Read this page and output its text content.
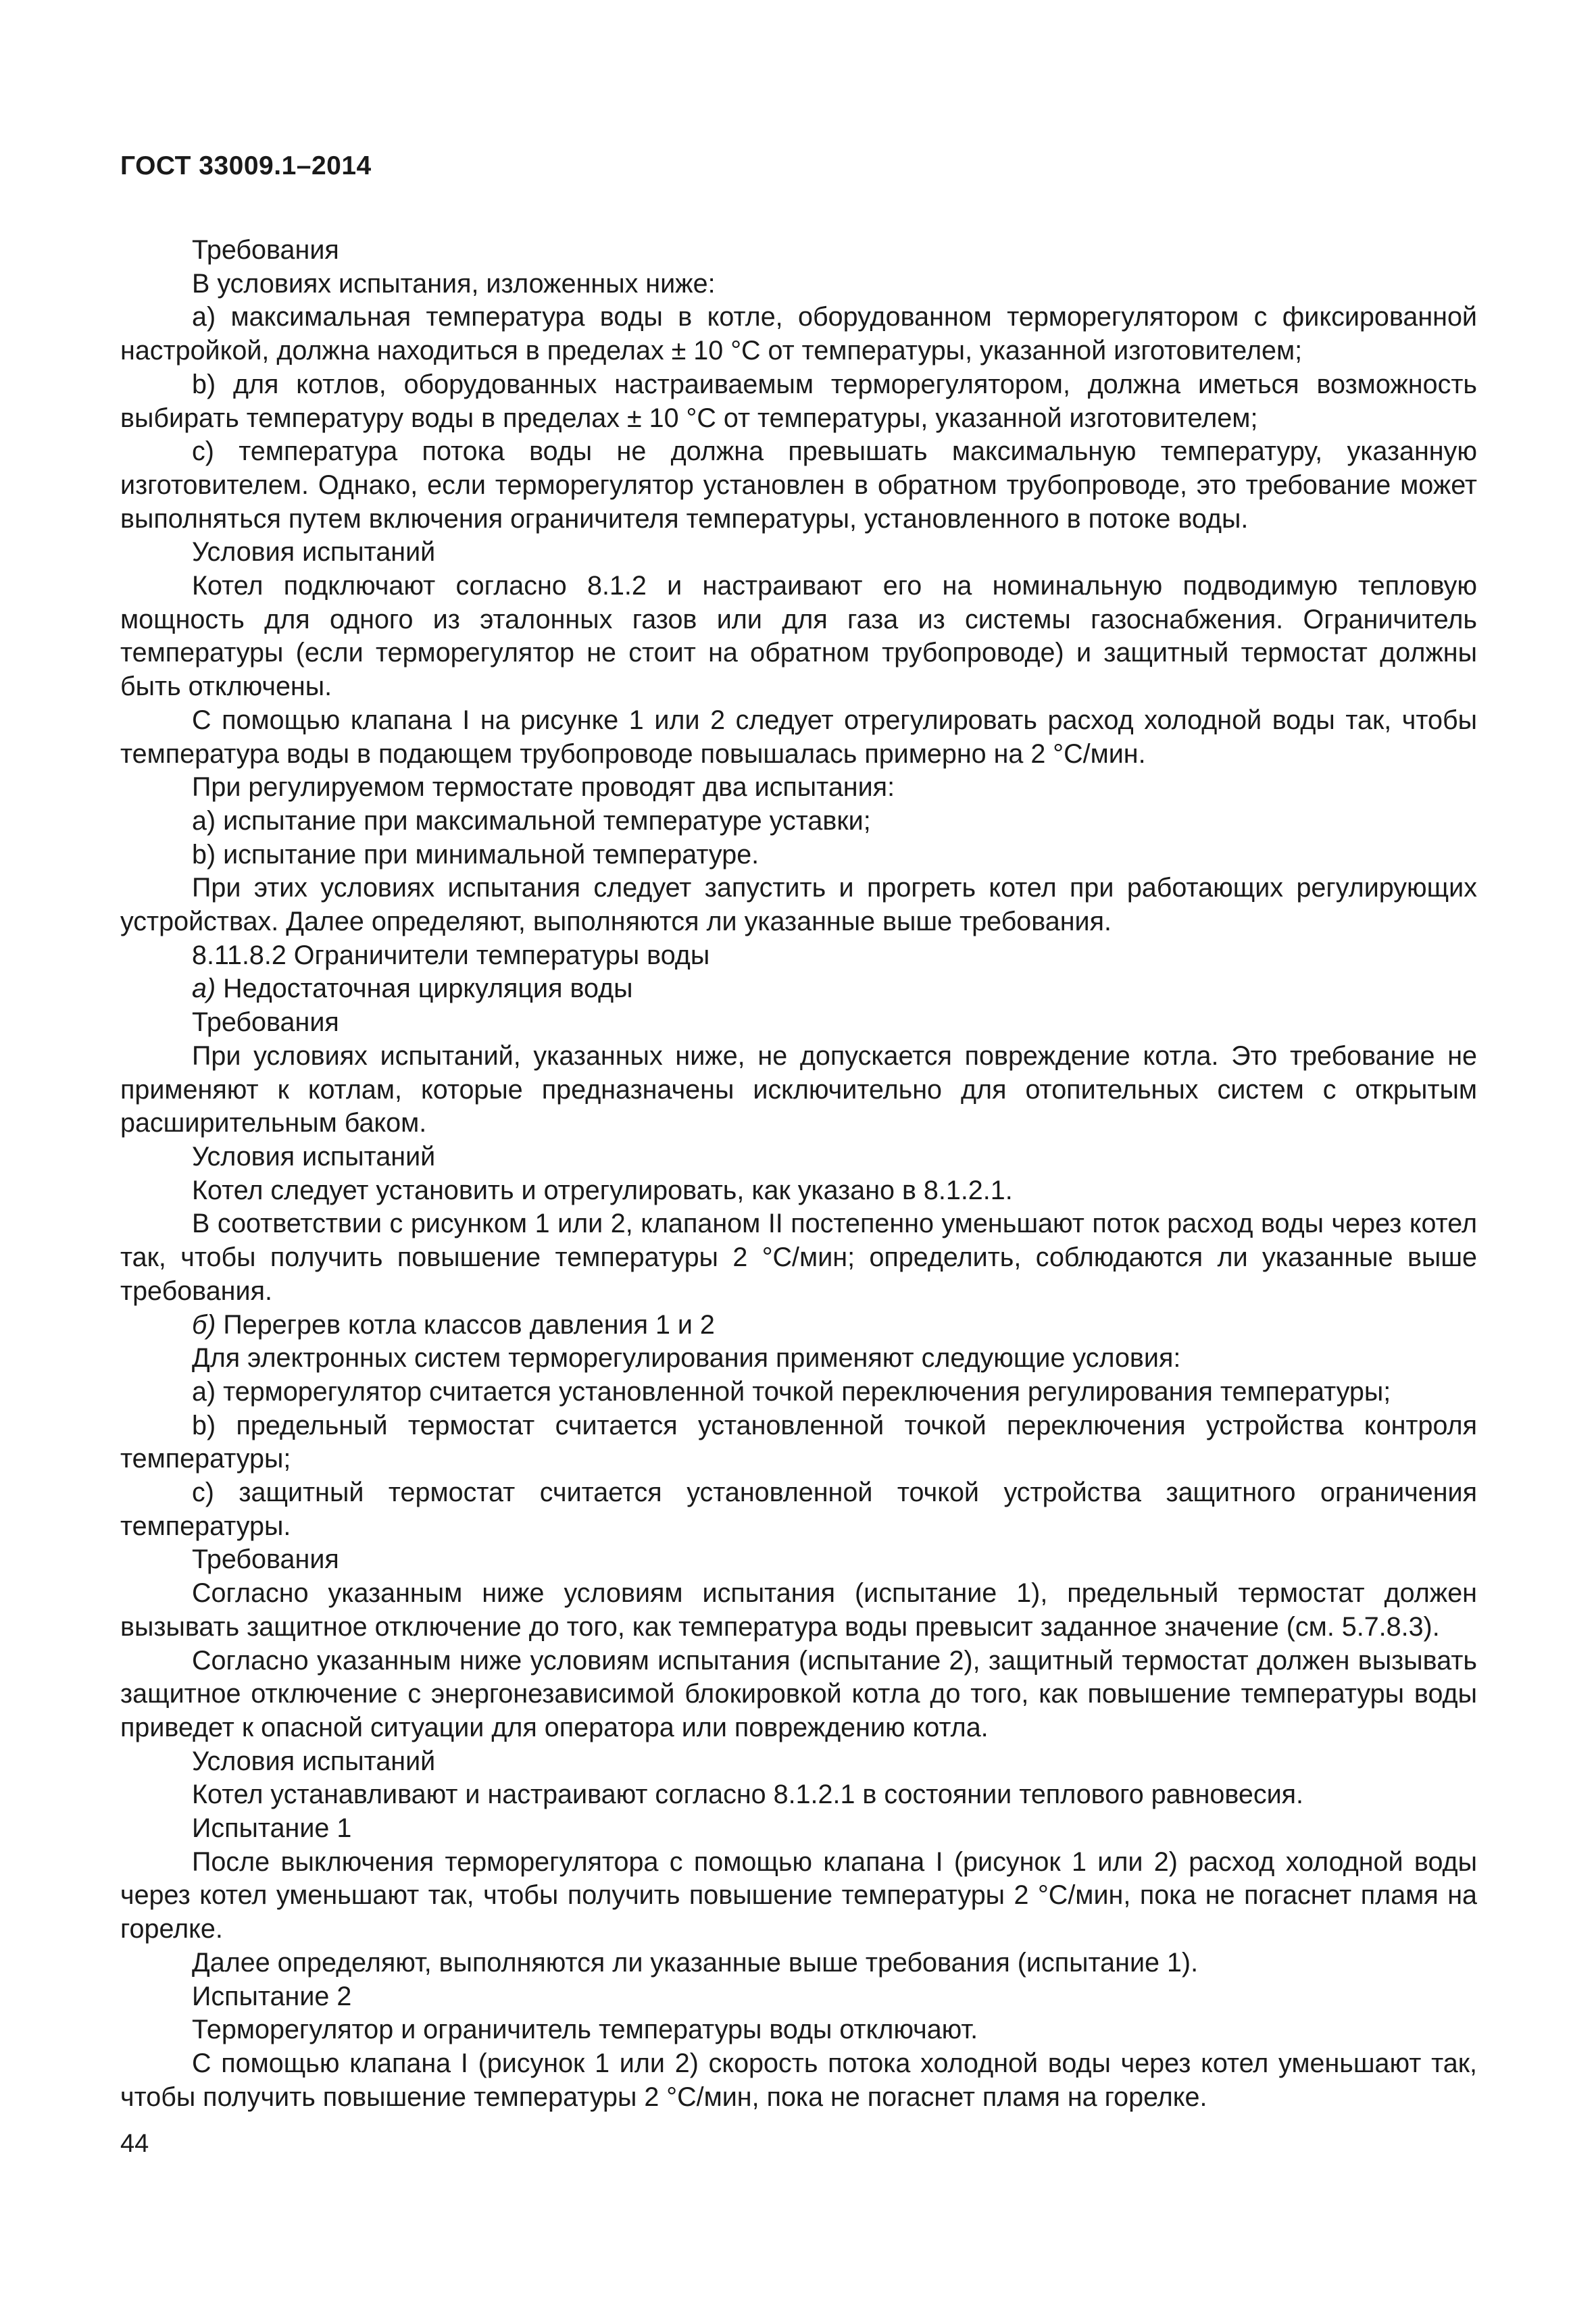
ГОСТ 33009.1–2014

Требования

В условиях испытания, изложенных ниже:

а) максимальная температура воды в котле, оборудованном терморегулятором с фиксированной настройкой, должна находиться в пределах ± 10 °С от температуры, указанной изготовителем;

b) для котлов, оборудованных настраиваемым терморегулятором, должна иметься возможность выбирать температуру воды в пределах ± 10 °С от температуры, указанной изготовителем;

с) температура потока воды не должна превышать максимальную температуру, указанную изготовителем. Однако, если терморегулятор установлен в обратном трубопроводе, это требование может выполняться путем включения ограничителя температуры, установленного в потоке воды.

Условия испытаний

Котел подключают согласно 8.1.2 и настраивают его на номинальную подводимую тепловую мощность для одного из эталонных газов или для газа из системы газоснабжения. Ограничитель температуры (если терморегулятор не стоит на обратном трубопроводе) и защитный термостат должны быть отключены.

С помощью клапана I на рисунке 1 или 2 следует отрегулировать расход холодной воды так, чтобы температура воды в подающем трубопроводе повышалась примерно на 2 °С/мин.

При регулируемом термостате проводят два испытания:

а) испытание при максимальной температуре уставки;

b) испытание при минимальной температуре.

При этих условиях испытания следует запустить и прогреть котел при работающих регулирующих устройствах. Далее определяют, выполняются ли указанные выше требования.

8.11.8.2 Ограничители температуры воды

а) Недостаточная циркуляция воды

Требования

При условиях испытаний, указанных ниже, не допускается повреждение котла. Это требование не применяют к котлам, которые предназначены исключительно для отопительных систем с открытым расширительным баком.

Условия испытаний

Котел следует установить и отрегулировать, как указано в 8.1.2.1.

В соответствии с рисунком 1 или 2, клапаном II постепенно уменьшают поток расход воды через котел так, чтобы получить повышение температуры 2 °С/мин; определить, соблюдаются ли указанные выше требования.

б) Перегрев котла классов давления 1 и 2

Для электронных систем терморегулирования применяют следующие условия:

а) терморегулятор считается установленной точкой переключения регулирования температуры;

b) предельный термостат считается установленной точкой переключения устройства контроля температуры;

с) защитный термостат считается установленной точкой устройства защитного ограничения температуры.

Требования

Согласно указанным ниже условиям испытания (испытание 1), предельный термостат должен вызывать защитное отключение до того, как температура воды превысит заданное значение (см. 5.7.8.3).

Согласно указанным ниже условиям испытания (испытание 2), защитный термостат должен вызывать защитное отключение с энергонезависимой блокировкой котла до того, как повышение температуры воды приведет к опасной ситуации для оператора или повреждению котла.

Условия испытаний

Котел устанавливают и настраивают согласно 8.1.2.1 в состоянии теплового равновесия.

Испытание 1

После выключения терморегулятора с помощью клапана I (рисунок 1 или 2) расход холодной воды через котел уменьшают так, чтобы получить повышение температуры 2 °С/мин, пока не погаснет пламя на горелке.

Далее определяют, выполняются ли указанные выше требования (испытание 1).

Испытание 2

Терморегулятор и ограничитель температуры воды отключают.

С помощью клапана I (рисунок 1 или 2) скорость потока холодной воды через котел уменьшают так, чтобы получить повышение температуры 2 °С/мин, пока не погаснет пламя на горелке.

44
